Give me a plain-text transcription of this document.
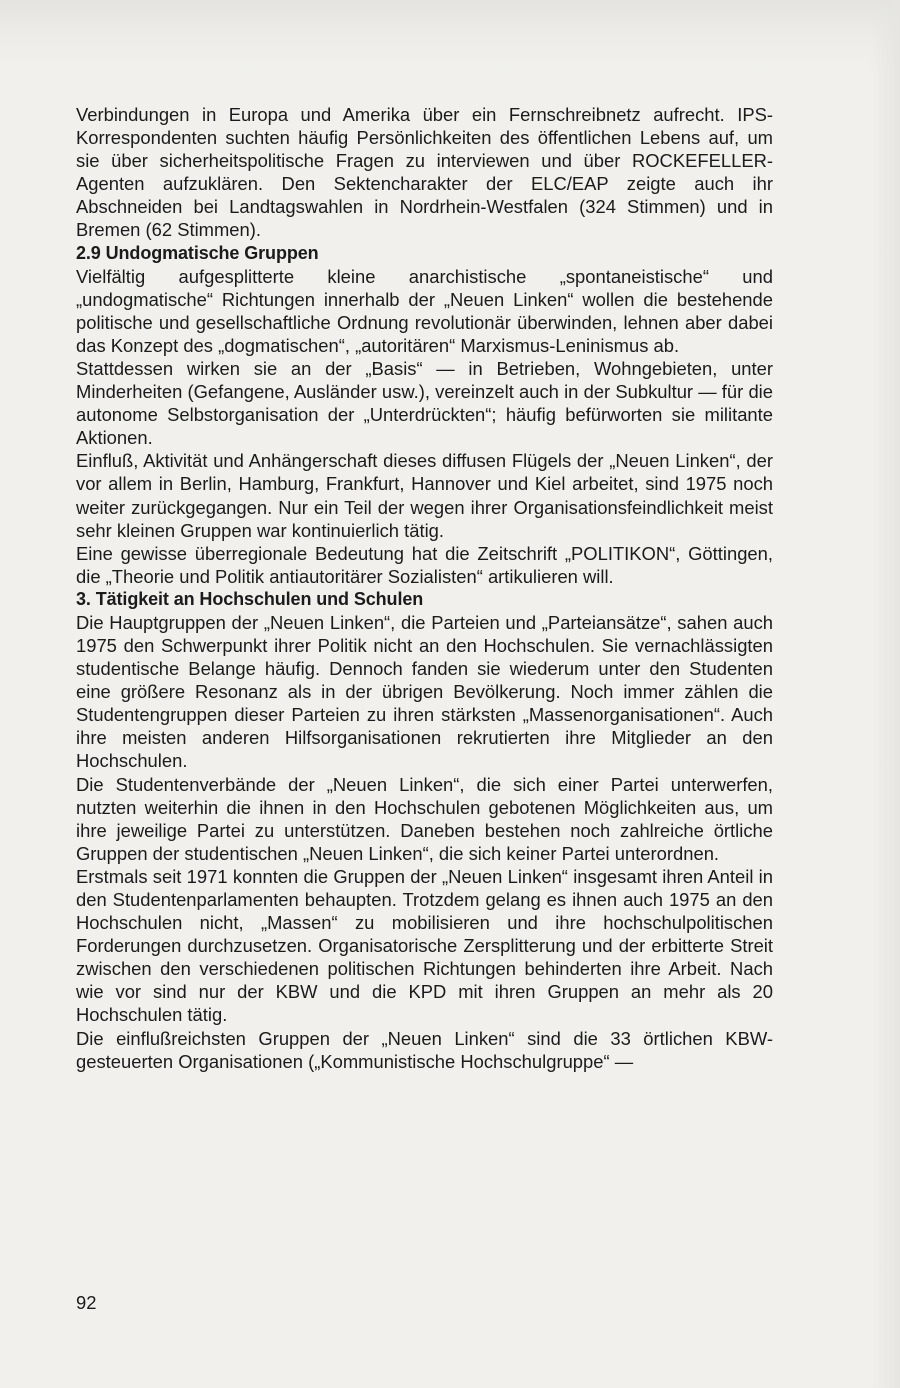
Verbindungen in Europa und Amerika über ein Fernschreibnetz aufrecht. IPS-Korrespondenten suchten häufig Persönlichkeiten des öffentlichen Lebens auf, um sie über sicherheitspolitische Fragen zu interviewen und über ROCKEFELLER-Agenten aufzuklären. Den Sektencharakter der ELC/EAP zeigte auch ihr Abschneiden bei Landtagswahlen in Nordrhein-Westfalen (324 Stimmen) und in Bremen (62 Stimmen).

2.9 Undogmatische Gruppen

Vielfältig aufgesplitterte kleine anarchistische „spontaneistische“ und „undogmatische“ Richtungen innerhalb der „Neuen Linken“ wollen die bestehende politische und gesellschaftliche Ordnung revolutionär überwinden, lehnen aber dabei das Konzept des „dogmatischen“, „autoritären“ Marxismus-Leninismus ab.

Stattdessen wirken sie an der „Basis“ — in Betrieben, Wohngebieten, unter Minderheiten (Gefangene, Ausländer usw.), vereinzelt auch in der Subkultur — für die autonome Selbstorganisation der „Unterdrückten“; häufig befürworten sie militante Aktionen.

Einfluß, Aktivität und Anhängerschaft dieses diffusen Flügels der „Neuen Linken“, der vor allem in Berlin, Hamburg, Frankfurt, Hannover und Kiel arbeitet, sind 1975 noch weiter zurückgegangen. Nur ein Teil der wegen ihrer Organisationsfeindlichkeit meist sehr kleinen Gruppen war kontinuierlich tätig.

Eine gewisse überregionale Bedeutung hat die Zeitschrift „POLITIKON“, Göttingen, die „Theorie und Politik antiautoritärer Sozialisten“ artikulieren will.

3. Tätigkeit an Hochschulen und Schulen

Die Hauptgruppen der „Neuen Linken“, die Parteien und „Parteiansätze“, sahen auch 1975 den Schwerpunkt ihrer Politik nicht an den Hochschulen. Sie vernachlässigten studentische Belange häufig. Dennoch fanden sie wiederum unter den Studenten eine größere Resonanz als in der übrigen Bevölkerung. Noch immer zählen die Studentengruppen dieser Parteien zu ihren stärksten „Massenorganisationen“. Auch ihre meisten anderen Hilfsorganisationen rekrutierten ihre Mitglieder an den Hochschulen.

Die Studentenverbände der „Neuen Linken“, die sich einer Partei unterwerfen, nutzten weiterhin die ihnen in den Hochschulen gebotenen Möglichkeiten aus, um ihre jeweilige Partei zu unterstützen. Daneben bestehen noch zahlreiche örtliche Gruppen der studentischen „Neuen Linken“, die sich keiner Partei unterordnen.

Erstmals seit 1971 konnten die Gruppen der „Neuen Linken“ insgesamt ihren Anteil in den Studentenparlamenten behaupten. Trotzdem gelang es ihnen auch 1975 an den Hochschulen nicht, „Massen“ zu mobilisieren und ihre hochschulpolitischen Forderungen durchzusetzen. Organisatorische Zersplitterung und der erbitterte Streit zwischen den verschiedenen politischen Richtungen behinderten ihre Arbeit. Nach wie vor sind nur der KBW und die KPD mit ihren Gruppen an mehr als 20 Hochschulen tätig.

Die einflußreichsten Gruppen der „Neuen Linken“ sind die 33 örtlichen KBW-gesteuerten Organisationen („Kommunistische Hochschulgruppe“ —

92
